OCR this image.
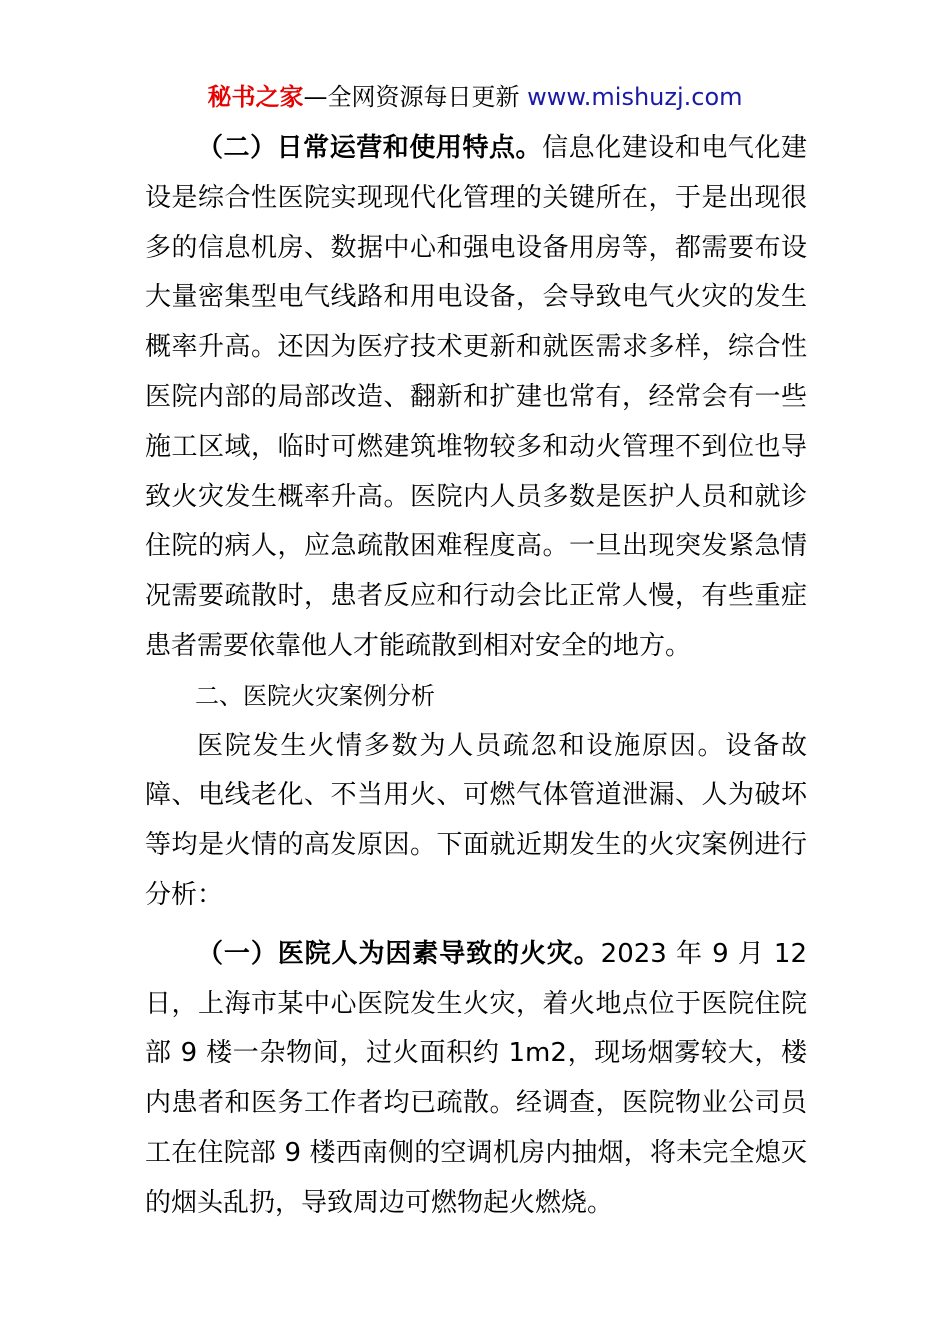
秘书之家—全网资源每日更新 www.mishuzj.com

（二）日常运营和使用特点。信息化建设和电气化建设是综合性医院实现现代化管理的关键所在，于是出现很多的信息机房、数据中心和强电设备用房等，都需要布设大量密集型电气线路和用电设备，会导致电气火灾的发生概率升高。还因为医疗技术更新和就医需求多样，综合性医院内部的局部改造、翻新和扩建也常有，经常会有一些施工区域，临时可燃建筑堆物较多和动火管理不到位也导致火灾发生概率升高。医院内人员多数是医护人员和就诊住院的病人，应急疏散困难程度高。一旦出现突发紧急情况需要疏散时，患者反应和行动会比正常人慢，有些重症患者需要依靠他人才能疏散到相对安全的地方。

二、医院火灾案例分析

医院发生火情多数为人员疏忽和设施原因。设备故障、电线老化、不当用火、可燃气体管道泄漏、人为破坏等均是火情的高发原因。下面就近期发生的火灾案例进行分析：

（一）医院人为因素导致的火灾。2023 年 9 月 12 日，上海市某中心医院发生火灾，着火地点位于医院住院部 9 楼一杂物间，过火面积约 1m2，现场烟雾较大，楼内患者和医务工作者均已疏散。经调查，医院物业公司员工在住院部 9 楼西南侧的空调机房内抽烟，将未完全熄灭的烟头乱扔，导致周边可燃物起火燃烧。
